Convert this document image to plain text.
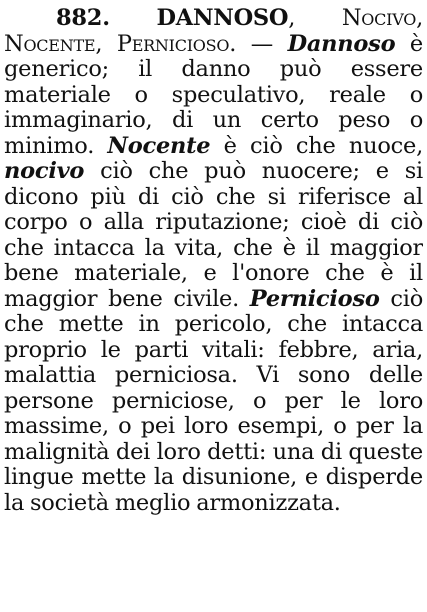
882. DANNOSO, Nocivo, Nocente, Pernicioso. — Dannoso è generico; il danno può essere materiale o speculativo, reale o immaginario, di un certo peso o minimo. Nocente è ciò che nuoce, nocivo ciò che può nuocere; e si dicono più di ciò che si riferisce al corpo o alla riputazione; cioè di ciò che intacca la vita, che è il maggior bene materiale, e l'onore che è il maggior bene civile. Pernicioso ciò che mette in pericolo, che intacca proprio le parti vitali: febbre, aria, malattia perniciosa. Vi sono delle persone perniciose, o per le loro massime, o pei loro esempi, o per la malignità dei loro detti: una di queste lingue mette la disunione, e disperde la società meglio armonizzata.
